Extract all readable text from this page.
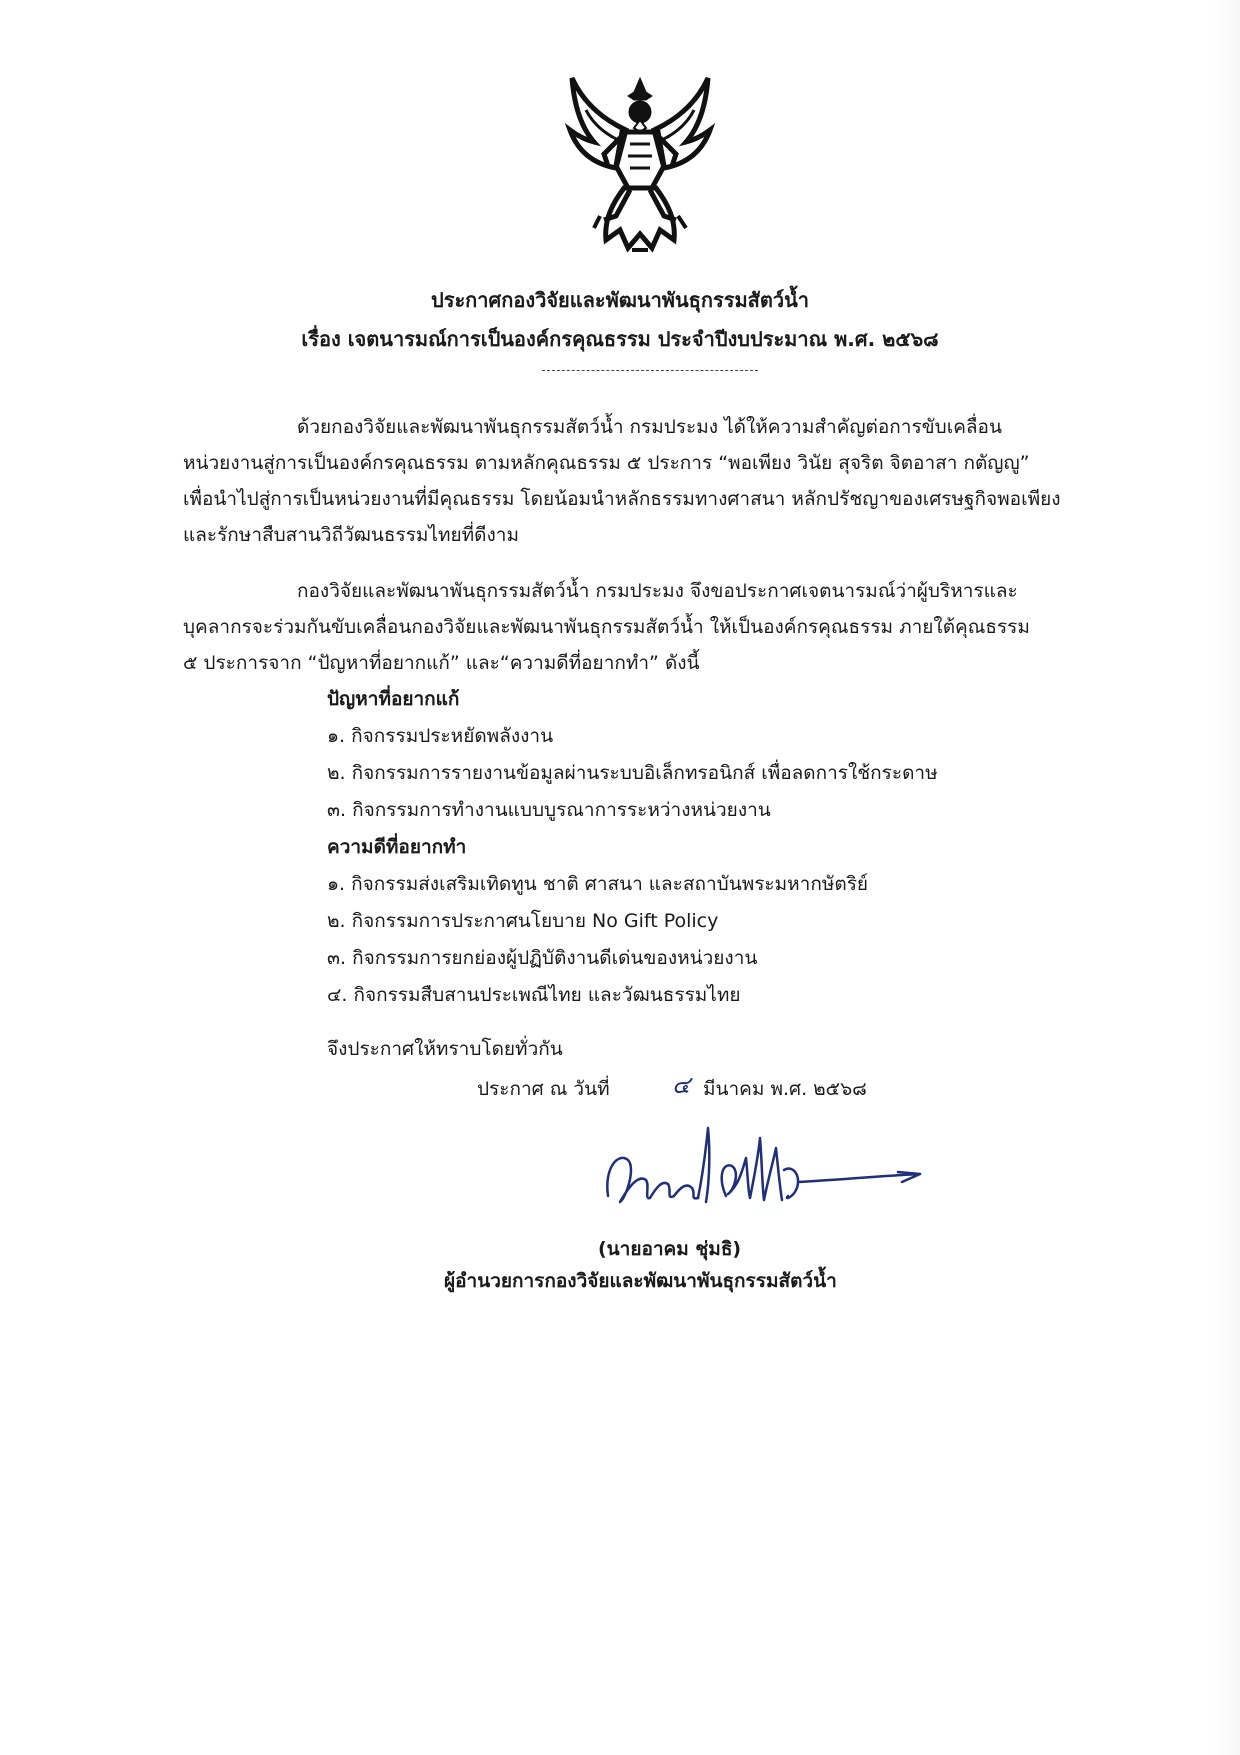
ประกาศกองวิจัยและพัฒนาพันธุกรรมสัตว์น้ำ
เรื่อง เจตนารมณ์การเป็นองค์กรคุณธรรม ประจำปีงบประมาณ พ.ศ. ๒๕๖๘
ด้วยกองวิจัยและพัฒนาพันธุกรรมสัตว์น้ำ กรมประมง ได้ให้ความสำคัญต่อการขับเคลื่อน
หน่วยงานสู่การเป็นองค์กรคุณธรรม ตามหลักคุณธรรม ๕ ประการ “พอเพียง วินัย สุจริต จิตอาสา กตัญญู”
เพื่อนำไปสู่การเป็นหน่วยงานที่มีคุณธรรม โดยน้อมนำหลักธรรมทางศาสนา หลักปรัชญาของเศรษฐกิจพอเพียง
และรักษาสืบสานวิถีวัฒนธรรมไทยที่ดีงาม
กองวิจัยและพัฒนาพันธุกรรมสัตว์น้ำ กรมประมง จึงขอประกาศเจตนารมณ์ว่าผู้บริหารและ
บุคลากรจะร่วมกันขับเคลื่อนกองวิจัยและพัฒนาพันธุกรรมสัตว์น้ำ ให้เป็นองค์กรคุณธรรม ภายใต้คุณธรรม
๕ ประการจาก “ปัญหาที่อยากแก้” และ“ความดีที่อยากทำ” ดังนี้
ปัญหาที่อยากแก้
๑. กิจกรรมประหยัดพลังงาน
๒. กิจกรรมการรายงานข้อมูลผ่านระบบอิเล็กทรอนิกส์ เพื่อลดการใช้กระดาษ
๓. กิจกรรมการทำงานแบบบูรณาการระหว่างหน่วยงาน
ความดีที่อยากทำ
๑. กิจกรรมส่งเสริมเทิดทูน ชาติ ศาสนา และสถาบันพระมหากษัตริย์
๒. กิจกรรมการประกาศนโยบาย No Gift Policy
๓. กิจกรรมการยกย่องผู้ปฏิบัติงานดีเด่นของหน่วยงาน
๔. กิจกรรมสืบสานประเพณีไทย และวัฒนธรรมไทย
จึงประกาศให้ทราบโดยทั่วกัน
ประกาศ ณ วันที่	๔ มีนาคม พ.ศ. ๒๕๖๘
(นายอาคม ชุ่มธิ)
ผู้อำนวยการกองวิจัยและพัฒนาพันธุกรรมสัตว์น้ำ
